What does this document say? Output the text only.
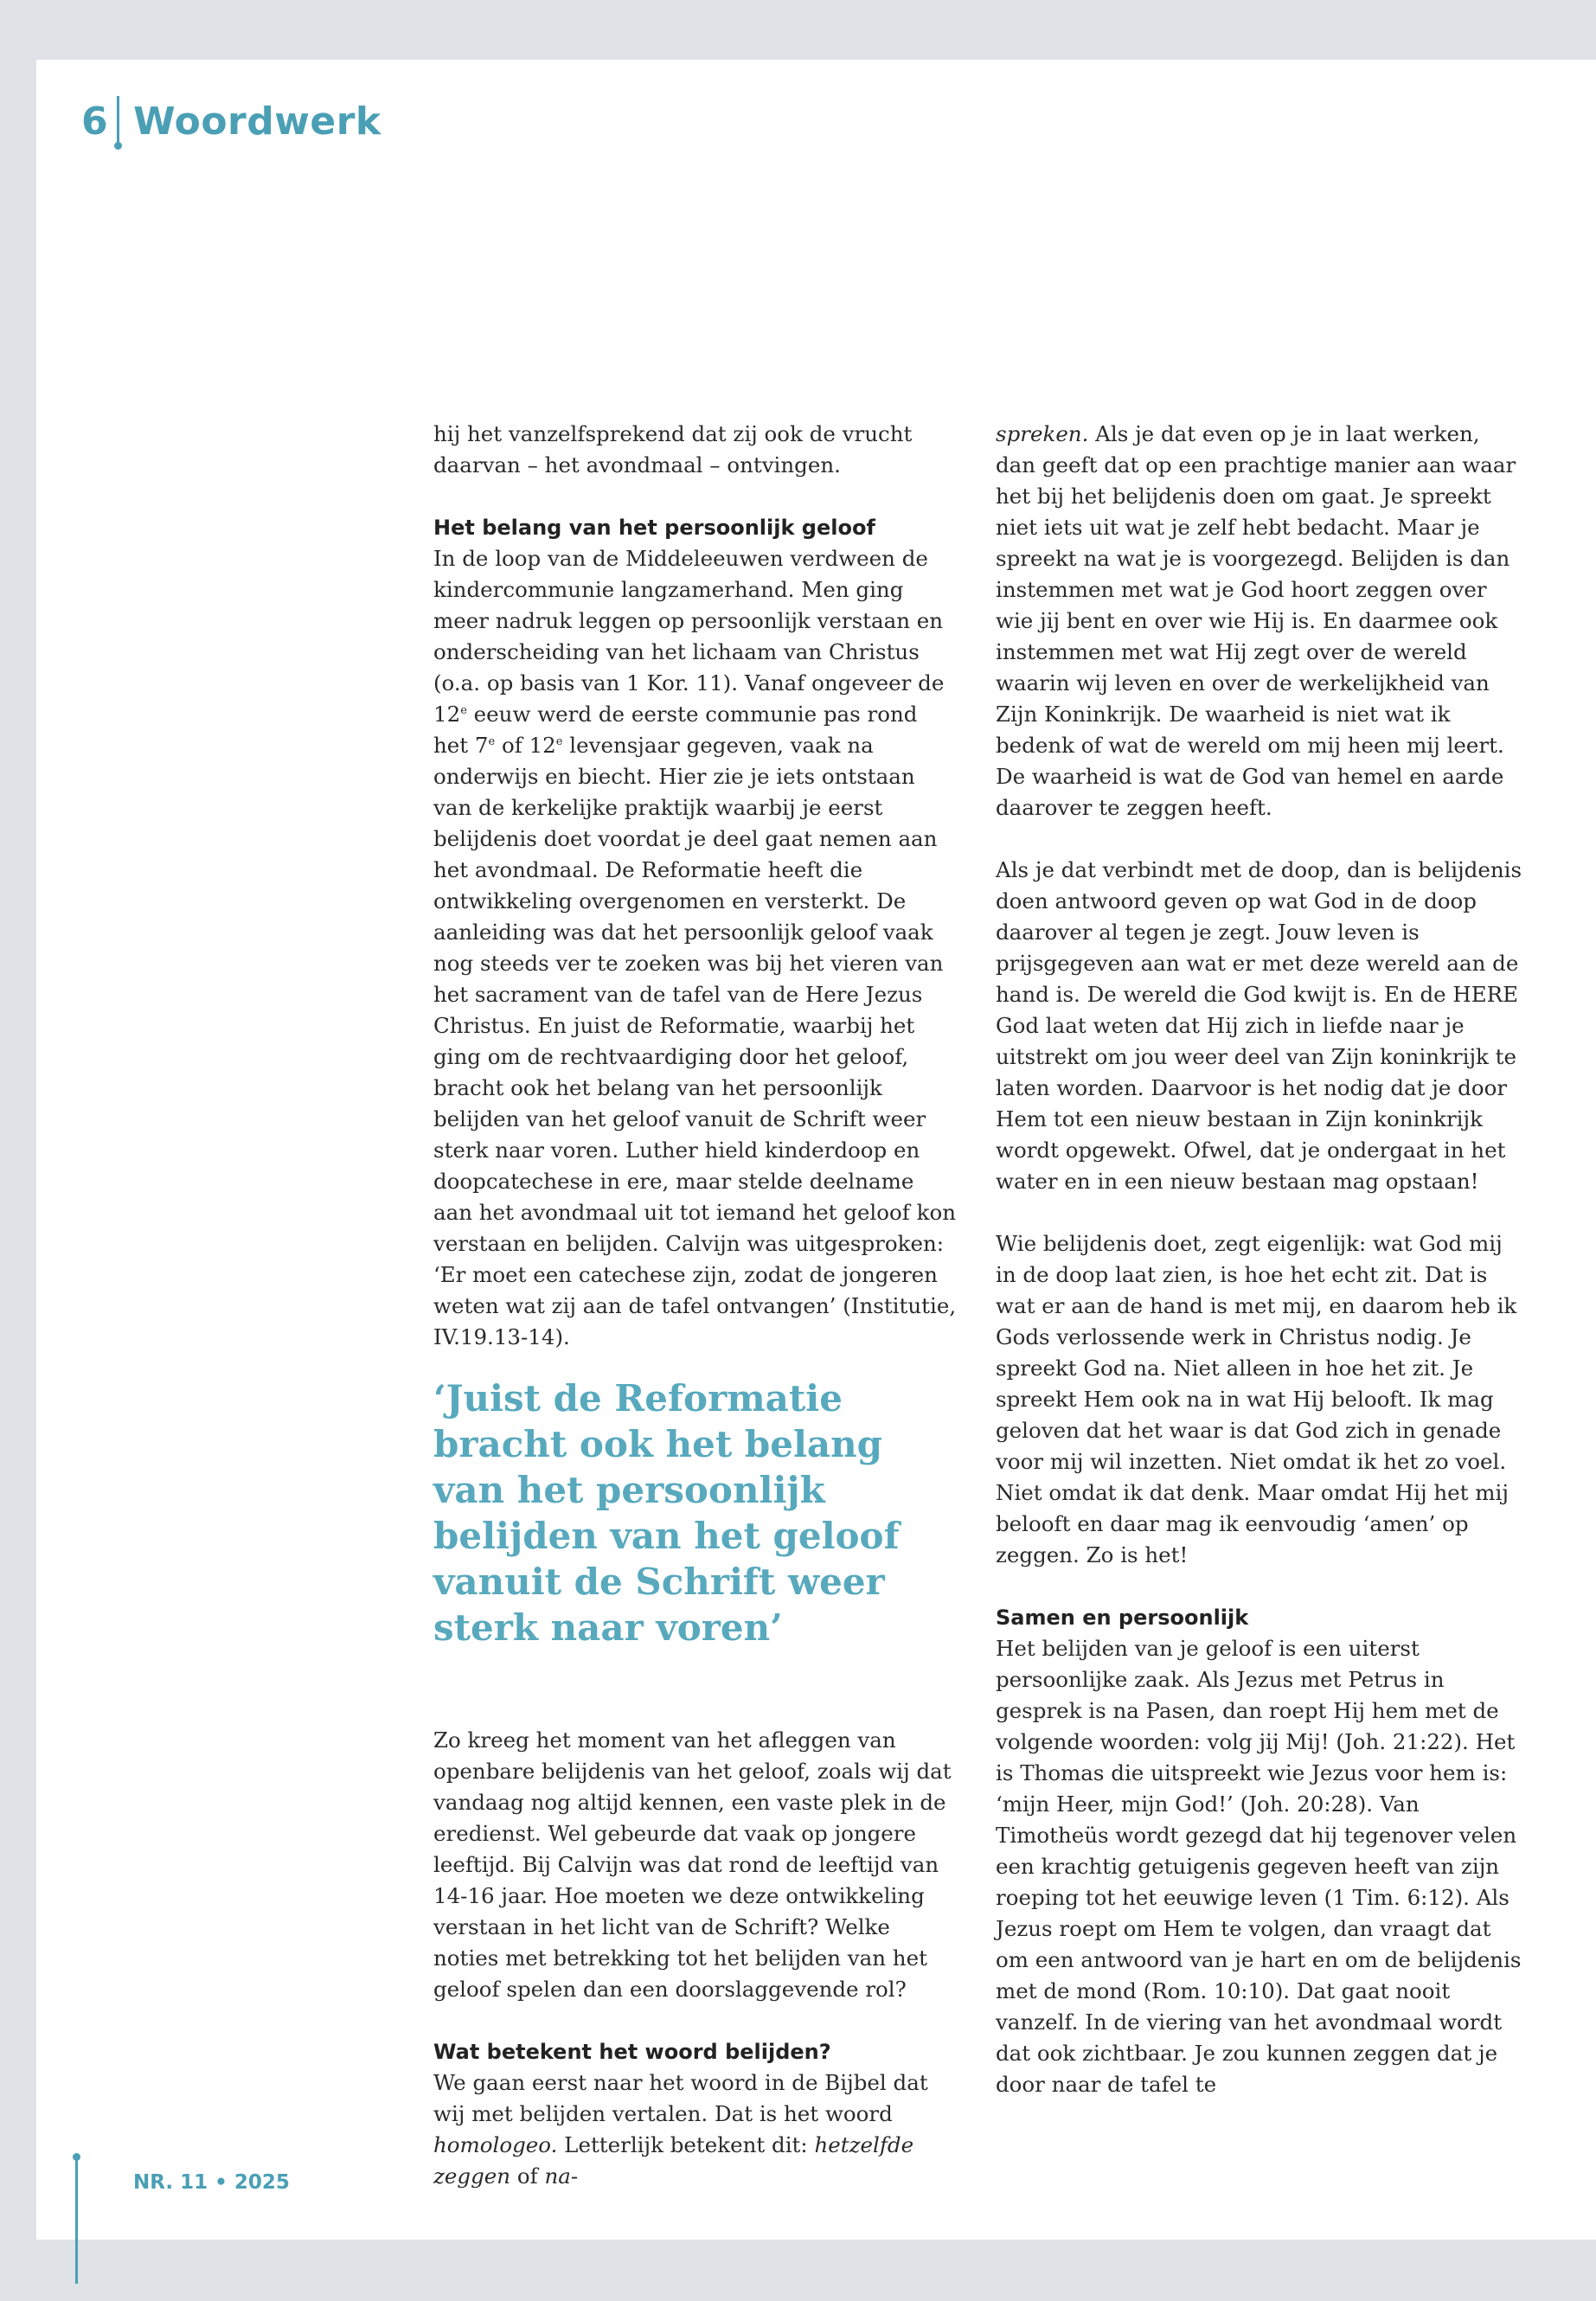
6 Woordwerk

hij het vanzelfsprekend dat zij ook de vrucht daarvan – het avondmaal – ontvingen.

Het belang van het persoonlijk geloof

In de loop van de Middeleeuwen verdween de kindercommunie langzamerhand. Men ging meer nadruk leggen op persoonlijk verstaan en onderscheiding van het lichaam van Christus (o.a. op basis van 1 Kor. 11). Vanaf ongeveer de 12e eeuw werd de eerste communie pas rond het 7e of 12e levensjaar gegeven, vaak na onderwijs en biecht. Hier zie je iets ontstaan van de kerkelijke praktijk waarbij je eerst belijdenis doet voordat je deel gaat nemen aan het avondmaal. De Reformatie heeft die ontwikkeling overgenomen en versterkt. De aanleiding was dat het persoonlijk geloof vaak nog steeds ver te zoeken was bij het vieren van het sacrament van de tafel van de Here Jezus Christus. En juist de Reformatie, waarbij het ging om de rechtvaardiging door het geloof, bracht ook het belang van het persoonlijk belijden van het geloof vanuit de Schrift weer sterk naar voren. Luther hield kinderdoop en doopcatechese in ere, maar stelde deelname aan het avondmaal uit tot iemand het geloof kon verstaan en belijden. Calvijn was uitgesproken: ‘Er moet een catechese zijn, zodat de jongeren weten wat zij aan de tafel ontvangen’ (Institutie, IV.19.13-14).

‘Juist de Reformatie bracht ook het belang van het persoonlijk belijden van het geloof vanuit de Schrift weer sterk naar voren’

Zo kreeg het moment van het afleggen van openbare belijdenis van het geloof, zoals wij dat vandaag nog altijd kennen, een vaste plek in de eredienst. Wel gebeurde dat vaak op jongere leeftijd. Bij Calvijn was dat rond de leeftijd van 14-16 jaar. Hoe moeten we deze ontwikkeling verstaan in het licht van de Schrift? Welke noties met betrekking tot het belijden van het geloof spelen dan een doorslaggevende rol?

Wat betekent het woord belijden?

We gaan eerst naar het woord in de Bijbel dat wij met belijden vertalen. Dat is het woord homologeo. Letterlijk betekent dit: hetzelfde zeggen of na-

spreken. Als je dat even op je in laat werken, dan geeft dat op een prachtige manier aan waar het bij het belijdenis doen om gaat. Je spreekt niet iets uit wat je zelf hebt bedacht. Maar je spreekt na wat je is voorgezegd. Belijden is dan instemmen met wat je God hoort zeggen over wie jij bent en over wie Hij is. En daarmee ook instemmen met wat Hij zegt over de wereld waarin wij leven en over de werkelijkheid van Zijn Koninkrijk. De waarheid is niet wat ik bedenk of wat de wereld om mij heen mij leert. De waarheid is wat de God van hemel en aarde daarover te zeggen heeft.

Als je dat verbindt met de doop, dan is belijdenis doen antwoord geven op wat God in de doop daarover al tegen je zegt. Jouw leven is prijsgegeven aan wat er met deze wereld aan de hand is. De wereld die God kwijt is. En de HERE God laat weten dat Hij zich in liefde naar je uitstrekt om jou weer deel van Zijn koninkrijk te laten worden. Daarvoor is het nodig dat je door Hem tot een nieuw bestaan in Zijn koninkrijk wordt opgewekt. Ofwel, dat je ondergaat in het water en in een nieuw bestaan mag opstaan!

Wie belijdenis doet, zegt eigenlijk: wat God mij in de doop laat zien, is hoe het echt zit. Dat is wat er aan de hand is met mij, en daarom heb ik Gods verlossende werk in Christus nodig. Je spreekt God na. Niet alleen in hoe het zit. Je spreekt Hem ook na in wat Hij belooft. Ik mag geloven dat het waar is dat God zich in genade voor mij wil inzetten. Niet omdat ik het zo voel. Niet omdat ik dat denk. Maar omdat Hij het mij belooft en daar mag ik eenvoudig ‘amen’ op zeggen. Zo is het!

Samen en persoonlijk

Het belijden van je geloof is een uiterst persoonlijke zaak. Als Jezus met Petrus in gesprek is na Pasen, dan roept Hij hem met de volgende woorden: volg jij Mij! (Joh. 21:22). Het is Thomas die uitspreekt wie Jezus voor hem is: ‘mijn Heer, mijn God!’ (Joh. 20:28). Van Timotheüs wordt gezegd dat hij tegenover velen een krachtig getuigenis gegeven heeft van zijn roeping tot het eeuwige leven (1 Tim. 6:12). Als Jezus roept om Hem te volgen, dan vraagt dat om een antwoord van je hart en om de belijdenis met de mond (Rom. 10:10). Dat gaat nooit vanzelf. In de viering van het avondmaal wordt dat ook zichtbaar. Je zou kunnen zeggen dat je door naar de tafel te

NR. 11 • 2025
